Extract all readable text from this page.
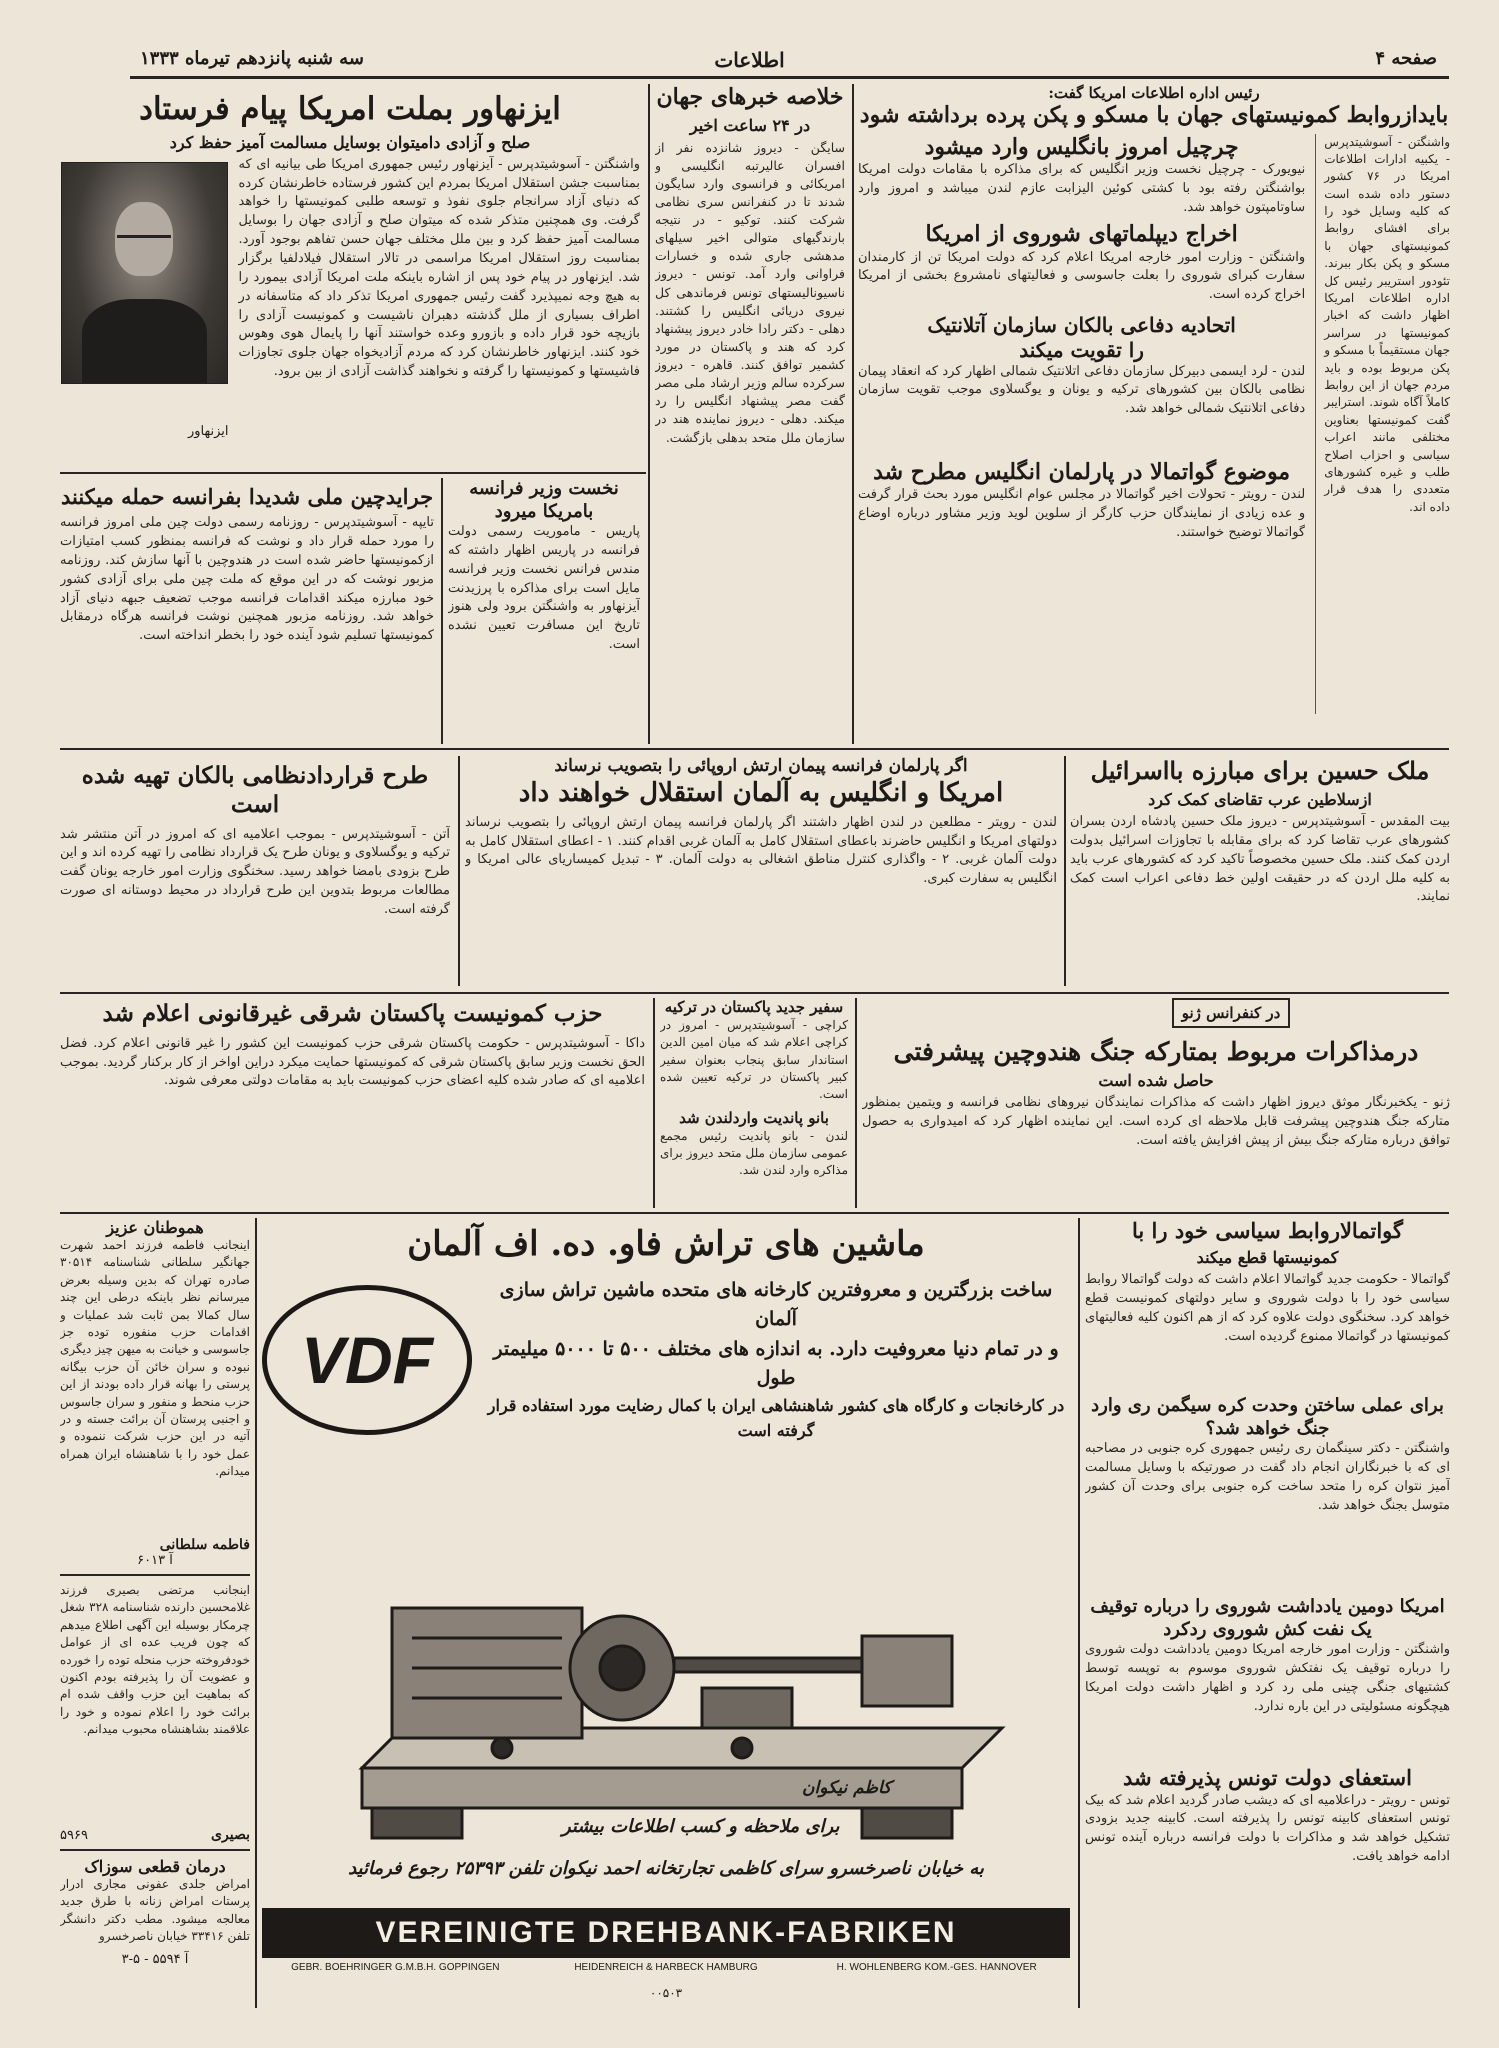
صفحه ۴
اطلاعات
سه شنبه پانزدهم تیرماه ۱۳۳۳
رئیس اداره اطلاعات امریکا گفت:
بایدازروابط کمونیستهای جهان با مسکو و پکن پرده برداشته شود
واشنگتن - آسوشیتدپرس - یکبیه ادارات اطلاعات امریکا در ۷۶ کشور دستور داده شده است که کلیه وسایل خود را برای افشای روابط کمونیستهای جهان با مسکو و پکن بکار ببرند. تئودور استریبر رئیس کل اداره اطلاعات امریکا اظهار داشت که اخبار کمونیستها در سراسر جهان مستقیماً با مسکو و پکن مربوط بوده و باید مردم جهان از این روابط کاملاً آگاه شوند. استرایبر گفت کمونیستها بعناوین مختلفی مانند اعراب سیاسی و احزاب اصلاح طلب و غیره کشورهای متعددی را هدف قرار داده اند.
چرچیل امروز بانگلیس وارد میشود
نیویورک - چرچیل نخست وزیر انگلیس که برای مذاکره با مقامات دولت امریکا بواشنگتن رفته بود با کشتی کوئین الیزابت عازم لندن میباشد و امروز وارد ساوتامپتون خواهد شد.
اخراج دیپلماتهای شوروی از امریکا
واشنگتن - وزارت امور خارجه امریکا اعلام کرد که دولت امریکا تن از کارمندان سفارت کبرای شوروی را بعلت جاسوسی و فعالیتهای نامشروع بخشی از امریکا اخراج کرده است.
اتحادیه دفاعی بالکان سازمان آتلانتیک را تقویت میکند
لندن - لرد ایسمی دبیرکل سازمان دفاعی اتلانتیک شمالی اظهار کرد که انعقاد پیمان نظامی بالکان بین کشورهای ترکیه و یونان و یوگسلاوی موجب تقویت سازمان دفاعی اتلانتیک شمالی خواهد شد.
موضوع گواتمالا در پارلمان انگلیس مطرح شد
لندن - رویتر - تحولات اخیر گواتمالا در مجلس عوام انگلیس مورد بحث قرار گرفت و عده زیادی از نمایندگان حزب کارگر از سلوین لوید وزیر مشاور درباره اوضاع گواتمالا توضیح خواستند.
خلاصه خبرهای جهان
در ۲۴ ساعت اخیر
سایگن - دیروز شانزده نفر از افسران عالیرتبه انگلیسی و امریکائی و فرانسوی وارد سایگون شدند تا در کنفرانس سری نظامی شرکت کنند. توکیو - در نتیجه بارندگیهای متوالی اخیر سیلهای مدهشی جاری شده و خسارات فراوانی وارد آمد. تونس - دیروز ناسیونالیستهای تونس فرماندهی کل نیروی دریائی انگلیس را کشتند. دهلی - دکتر رادا خادر دیروز پیشنهاد کرد که هند و پاکستان در مورد کشمیر توافق کنند. قاهره - دیروز سرکرده سالم وزیر ارشاد ملی مصر گفت مصر پیشنهاد انگلیس را رد میکند. دهلی - دیروز نماینده هند در سازمان ملل متحد بدهلی بازگشت.
ایزنهاور بملت امریکا پیام فرستاد
صلح و آزادی دامیتوان بوسایل مسالمت آمیز حفظ کرد
واشنگتن - آسوشیتدپرس - آیزنهاور رئیس جمهوری امریکا طی بیانیه ای که بمناسبت جشن استقلال امریکا بمردم این کشور فرستاده خاطرنشان کرده که دنیای آزاد سرانجام جلوی نفوذ و توسعه طلبی کمونیستها را خواهد گرفت. وی همچنین متذکر شده که میتوان صلح و آزادی جهان را بوسایل مسالمت آمیز حفظ کرد و بین ملل مختلف جهان حسن تفاهم بوجود آورد. بمناسبت روز استقلال امریکا مراسمی در تالار استقلال فیلادلفیا برگزار شد. ایزنهاور در پیام خود پس از اشاره باینکه ملت امریکا آزادی بیمورد را به هیچ وجه نمیپذیرد گفت رئیس جمهوری امریکا تذکر داد که متاسفانه در اطراف بسیاری از ملل گذشته دهبران ناشیست و کمونیست آزادی را بازیچه خود قرار داده و بازورو وعده خواستند آنها را پایمال هوی وهوس خود کنند. ایزنهاور خاطرنشان کرد که مردم آزادیخواه جهان جلوی تجاوزات فاشیستها و کمونیستها را گرفته و نخواهند گذاشت آزادی از بین برود.
ایزنهاور
نخست وزیر فرانسه بامریکا میرود
پاریس - ماموریت رسمی دولت فرانسه در پاریس اظهار داشته که مندس فرانس نخست وزیر فرانسه مایل است برای مذاکره با پرزیدنت آیزنهاور به واشنگتن برود ولی هنوز تاریخ این مسافرت تعیین نشده است.
جرایدچین ملی شدیدا بفرانسه حمله میکنند
تایپه - آسوشیتدپرس - روزنامه رسمی دولت چین ملی امروز فرانسه را مورد حمله قرار داد و نوشت که فرانسه بمنظور کسب امتیازات ازکمونیستها حاضر شده است در هندوچین با آنها سازش کند. روزنامه مزبور نوشت که در این موقع که ملت چین ملی برای آزادی کشور خود مبارزه میکند اقدامات فرانسه موجب تضعیف جبهه دنیای آزاد خواهد شد. روزنامه مزبور همچنین نوشت فرانسه هرگاه درمقابل کمونیستها تسلیم شود آینده خود را بخطر انداخته است.
ملک حسین برای مبارزه بااسرائیل
ازسلاطین عرب تقاضای کمک کرد
بیت المقدس - آسوشیتدپرس - دیروز ملک حسین پادشاه اردن بسران کشورهای عرب تقاضا کرد که برای مقابله با تجاوزات اسرائیل بدولت اردن کمک کنند. ملک حسین مخصوصاً تاکید کرد که کشورهای عرب باید به کلیه ملل اردن که در حقیقت اولین خط دفاعی اعراب است کمک نمایند.
اگر پارلمان فرانسه پیمان ارتش اروپائی را بتصویب نرساند
امریکا و انگلیس به آلمان استقلال خواهند داد
لندن - رویتر - مطلعین در لندن اظهار داشتند اگر پارلمان فرانسه پیمان ارتش اروپائی را بتصویب نرساند دولتهای امریکا و انگلیس حاضرند باعطای استقلال کامل به آلمان غربی اقدام کنند. ۱ - اعطای استقلال کامل به دولت آلمان غربی. ۲ - واگذاری کنترل مناطق اشغالی به دولت آلمان. ۳ - تبدیل کمیساریای عالی امریکا و انگلیس به سفارت کبری.
طرح قراردادنظامی بالکان تهیه شده است
آتن - آسوشیتدپرس - بموجب اعلامیه ای که امروز در آتن منتشر شد ترکیه و یوگسلاوی و یونان طرح یک قرارداد نظامی را تهیه کرده اند و این طرح بزودی بامضا خواهد رسید. سخنگوی وزارت امور خارجه یونان گفت مطالعات مربوط بتدوین این طرح قرارداد در محیط دوستانه ای صورت گرفته است.
در کنفرانس ژنو
درمذاکرات مربوط بمتارکه جنگ هندوچین پیشرفتی
حاصل شده است
ژنو - یکخبرنگار موثق دیروز اظهار داشت که مذاکرات نمایندگان نیروهای نظامی فرانسه و ویتمین بمنظور متارکه جنگ هندوچین پیشرفت قابل ملاحظه ای کرده است. این نماینده اظهار کرد که امیدواری به حصول توافق درباره متارکه جنگ بیش از پیش افزایش یافته است.
سفیر جدید پاکستان در ترکیه
کراچی - آسوشیتدپرس - امروز در کراچی اعلام شد که میان امین الدین استاندار سابق پنجاب بعنوان سفیر کبیر پاکستان در ترکیه تعیین شده است.
بانو پاندیت واردلندن شد
لندن - بانو پاندیت رئیس مجمع عمومی سازمان ملل متحد دیروز برای مذاکره وارد لندن شد.
حزب کمونیست پاکستان شرقی غیرقانونی اعلام شد
داکا - آسوشیتدپرس - حکومت پاکستان شرقی حزب کمونیست این کشور را غیر قانونی اعلام کرد. فضل الحق نخست وزیر سابق پاکستان شرقی که کمونیستها حمایت میکرد دراین اواخر از کار برکنار گردید. بموجب اعلامیه ای که صادر شده کلیه اعضای حزب کمونیست باید به مقامات دولتی معرفی شوند.
گواتمالاروابط سیاسی خود را با
کمونیستها قطع میکند
گواتمالا - حکومت جدید گواتمالا اعلام داشت که دولت گواتمالا روابط سیاسی خود را با دولت شوروی و سایر دولتهای کمونیست قطع خواهد کرد. سخنگوی دولت علاوه کرد که از هم اکنون کلیه فعالیتهای کمونیستها در گواتمالا ممنوع گردیده است.
برای عملی ساختن وحدت کره سیگمن ری وارد جنگ خواهد شد؟
واشنگتن - دکتر سینگمان ری رئیس جمهوری کره جنوبی در مصاحبه ای که با خبرنگاران انجام داد گفت در صورتیکه با وسایل مسالمت آمیز نتوان کره را متحد ساخت کره جنوبی برای وحدت آن کشور متوسل بجنگ خواهد شد.
امریکا دومین یادداشت شوروی را درباره توقیف یک نفت کش شوروی ردکرد
واشنگتن - وزارت امور خارجه امریکا دومین یادداشت دولت شوروی را درباره توقیف یک نفتکش شوروی موسوم به توپسه توسط کشتیهای جنگی چینی ملی رد کرد و اظهار داشت دولت امریکا هیچگونه مسئولیتی در این باره ندارد.
استعفای دولت تونس پذیرفته شد
تونس - رویتر - دراعلامیه ای که دیشب صادر گردید اعلام شد که بیک تونس استعفای کابینه تونس را پذیرفته است. کابینه جدید بزودی تشکیل خواهد شد و مذاکرات با دولت فرانسه درباره آینده تونس ادامه خواهد یافت.
ماشین های تراش فاو. ده. اف آلمان
ساخت بزرگترین و معروفترین کارخانه های متحده ماشین تراش سازی آلمان
و در تمام دنیا معروفیت دارد. به اندازه های مختلف ۵۰۰ تا ۵۰۰۰ میلیمتر طول
در کارخانجات و کارگاه های کشور شاهنشاهی ایران با کمال رضایت مورد استفاده قرار گرفته است
VDF
برای ملاحظه و کسب اطلاعات بیشتر
کاظم نیکوان
به خیابان ناصرخسرو سرای کاظمی تجارتخانه احمد نیکوان تلفن ۲۵۳۹۳ رجوع فرمائید
VEREINIGTE DREHBANK-FABRIKEN
GEBR. BOEHRINGER G.M.B.H. GOPPINGEN	HEIDENREICH & HARBECK HAMBURG	H. WOHLENBERG KOM.-GES. HANNOVER
۰۰۵۰۳
هموطنان عزیز
اینجانب فاطمه فرزند احمد شهرت جهانگیر سلطانی شناسنامه ۳۰۵۱۴ صادره تهران که بدین وسیله بعرض میرسانم نظر باینکه درطی این چند سال کمالا بمن ثابت شد عملیات و اقدامات حزب منفوره توده جز جاسوسی و خیانت به میهن چیز دیگری نبوده و سران خائن آن حزب بیگانه پرستی را بهانه قرار داده بودند از این حزب منحط و منفور و سران جاسوس و اجنبی پرستان آن برائت جسته و در آتیه در این حزب شرکت ننموده و عمل خود را با شاهنشاه ایران همراه میدانم.
فاطمه سلطانی
آ ۶۰۱۳
اینجانب مرتضی بصیری فرزند غلامحسین دارنده شناسنامه ۳۲۸ شغل چرمکار بوسیله این آگهی اطلاع میدهم که چون فریب عده ای از عوامل خودفروخته حزب منحله توده را خورده و عضویت آن را پذیرفته بودم اکنون که بماهیت این حزب واقف شده ام برائت خود را اعلام نموده و خود را علاقمند بشاهنشاه محبوب میدانم.
بصیری
۵۹۶۹
درمان قطعی سوزاک
امراض جلدی عفونی مجاری ادرار پرستات امراض زنانه با طرق جدید معالجه میشود. مطب دکتر دانشگر تلفن ۳۳۴۱۶ خیابان ناصرخسرو
آ ۵۵۹۴ - ۵-۳
